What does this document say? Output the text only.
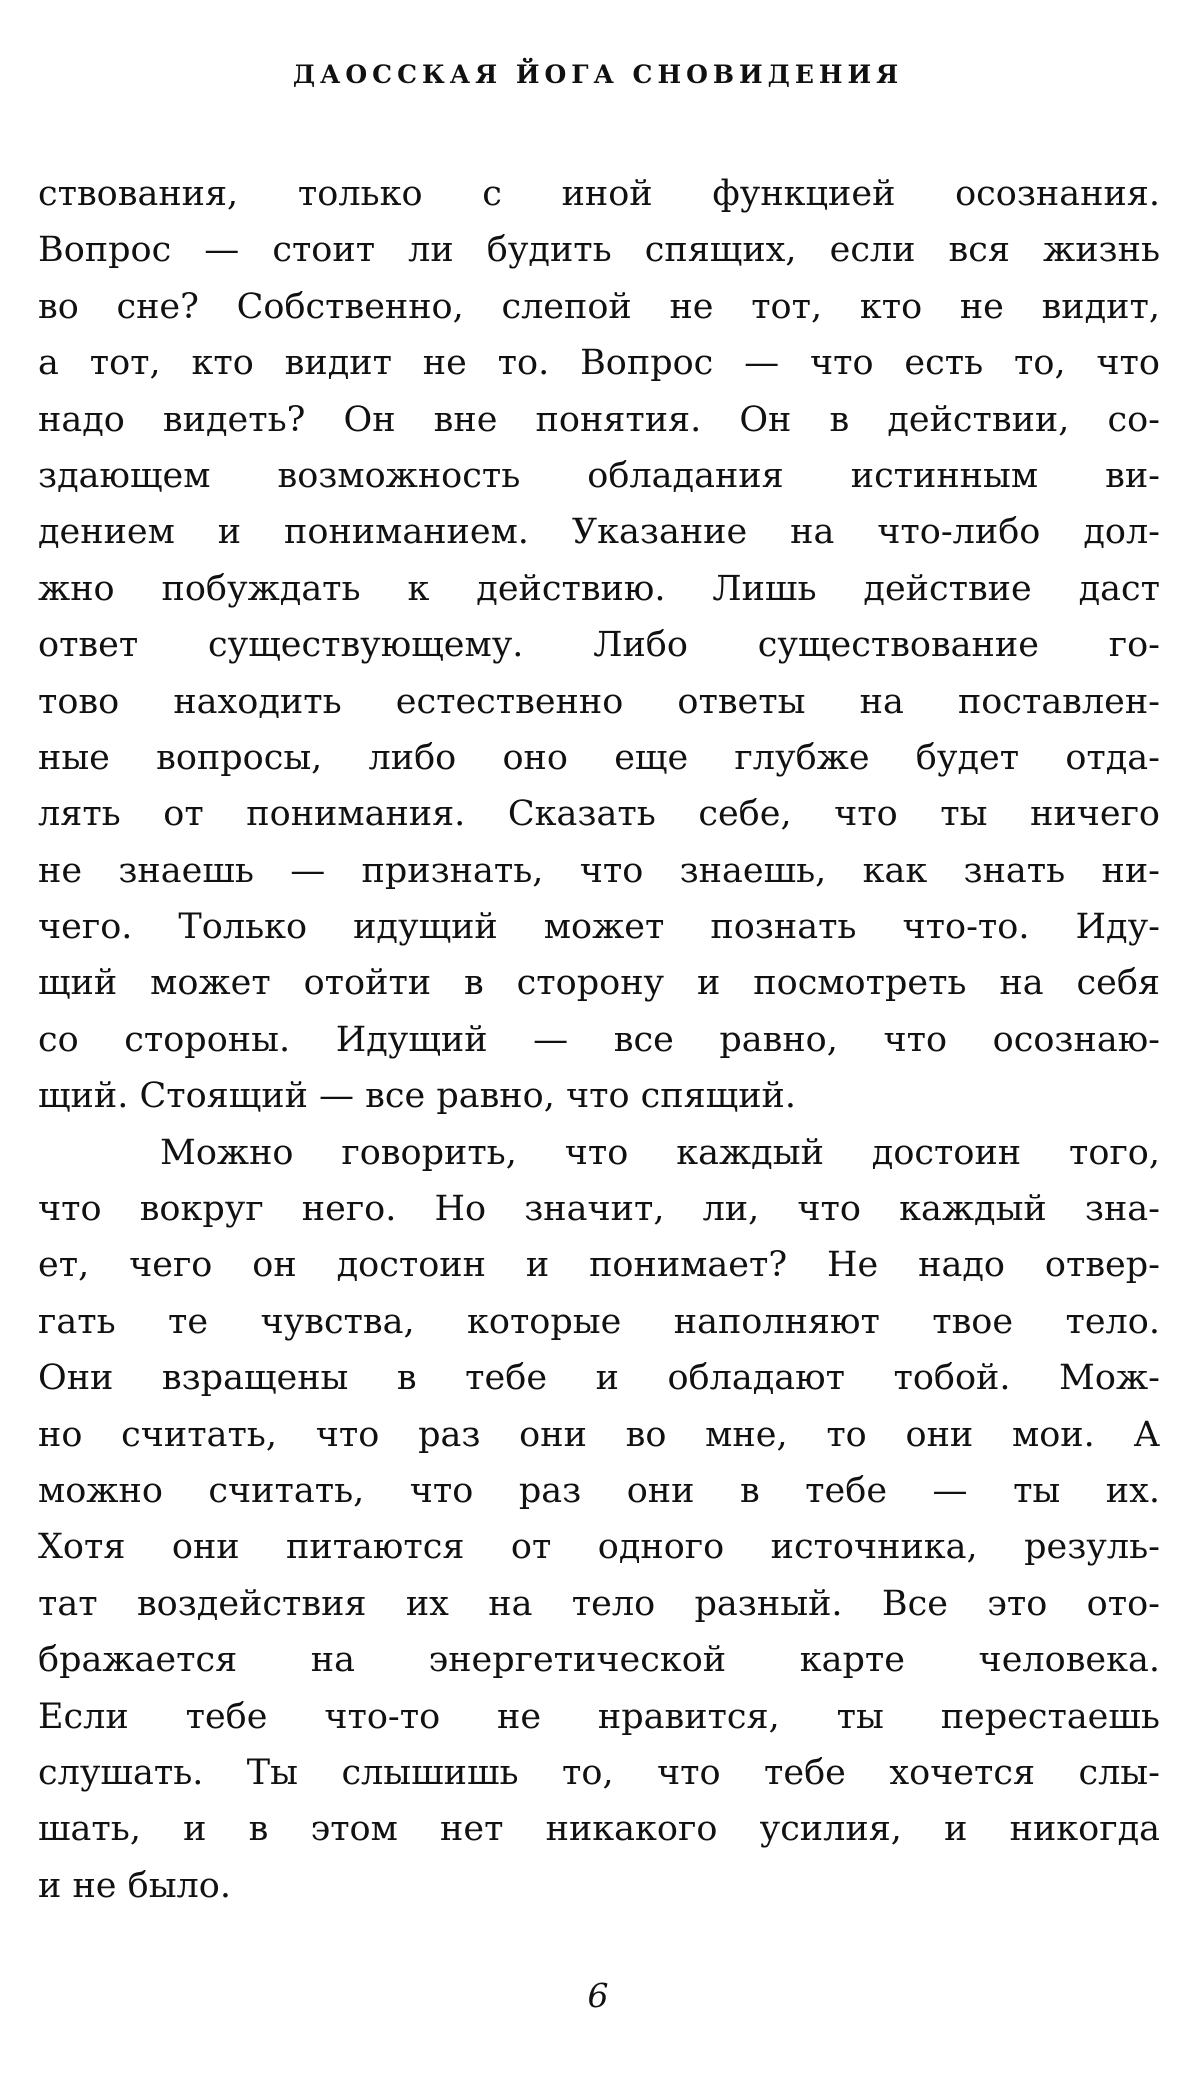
ДАОССКАЯ ЙОГА СНОВИДЕНИЯ
ствования, только с иной функцией осознания.
Вопрос — стоит ли будить спящих, если вся жизнь
во сне? Собственно, слепой не тот, кто не видит,
а тот, кто видит не то. Вопрос — что есть то, что
надо видеть? Он вне понятия. Он в действии, со-
здающем возможность обладания истинным ви-
дением и пониманием. Указание на что-либо дол-
жно побуждать к действию. Лишь действие даст
ответ существующему. Либо существование го-
тово находить естественно ответы на поставлен-
ные вопросы, либо оно еще глубже будет отда-
лять от понимания. Сказать себе, что ты ничего
не знаешь — признать, что знаешь, как знать ни-
чего. Только идущий может познать что-то. Иду-
щий может отойти в сторону и посмотреть на себя
со стороны. Идущий — все равно, что осознаю-
щий. Стоящий — все равно, что спящий.
Можно говорить, что каждый достоин того,
что вокруг него. Но значит, ли, что каждый зна-
ет, чего он достоин и понимает? Не надо отвер-
гать те чувства, которые наполняют твое тело.
Они взращены в тебе и обладают тобой. Мож-
но считать, что раз они во мне, то они мои. А
можно считать, что раз они в тебе — ты их.
Хотя они питаются от одного источника, резуль-
тат воздействия их на тело разный. Все это ото-
бражается на энергетической карте человека.
Если тебе что-то не нравится, ты перестаешь
слушать. Ты слышишь то, что тебе хочется слы-
шать, и в этом нет никакого усилия, и никогда
и не было.
6
